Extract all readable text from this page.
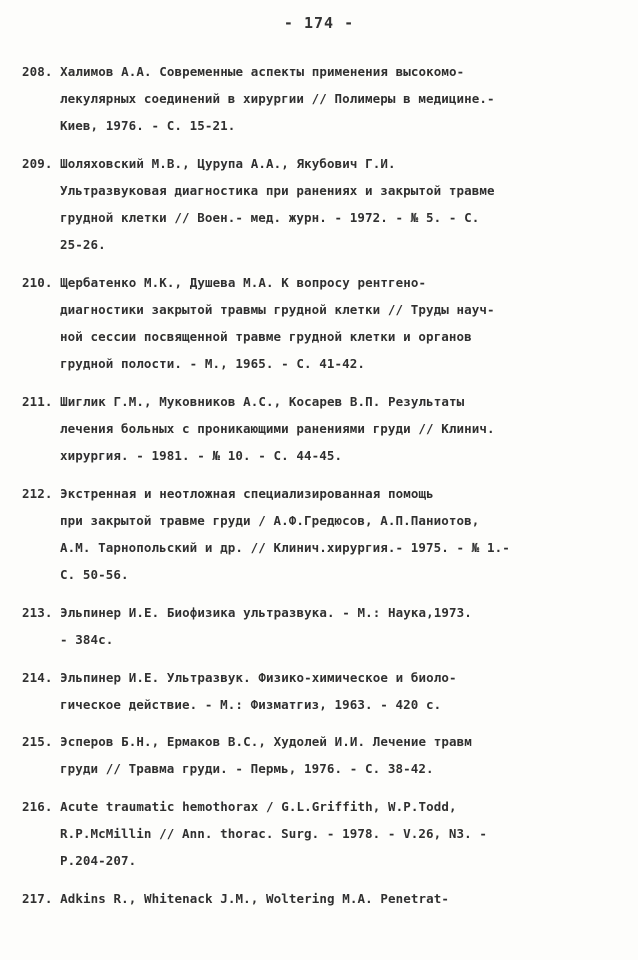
- 174 -
208. Халимов А.А. Современные аспекты применения высокомо-
лекулярных соединений в хирургии // Полимеры в медицине.-
Киев, 1976. - С. 15-21.
209. Шоляховский М.В., Цурупа А.А., Якубович Г.И.
Ультразвуковая диагностика при ранениях и закрытой травме
грудной клетки // Воен.- мед. журн. - 1972. - № 5. - С.
25-26.
210. Щербатенко М.К., Душева М.А. К вопросу рентгено-
диагностики закрытой травмы грудной клетки // Труды науч-
ной сессии посвященной травме грудной клетки и органов
грудной полости. - М., 1965. - С. 41-42.
211. Шиглик Г.М., Муковников А.С., Косарев В.П. Результаты
лечения больных с проникающими ранениями груди // Клинич.
хирургия. - 1981. - № 10. - С. 44-45.
212. Экстренная и неотложная специализированная помощь
при закрытой травме груди / А.Ф.Гредюсов, А.П.Паниотов,
А.М. Тарнопольский и др. // Клинич.хирургия.- 1975. - № 1.-
С. 50-56.
213. Эльпинер И.Е. Биофизика ультразвука. - М.: Наука,1973.
- 384с.
214. Эльпинер И.Е. Ультразвук. Физико-химическое и биоло-
гическое действие. - М.: Физматгиз, 1963. - 420 с.
215. Эсперов Б.Н., Ермаков В.С., Худолей И.И. Лечение травм
груди // Травма груди. - Пермь, 1976. - С. 38-42.
216. Acute traumatic hemothorax / G.L.Griffith, W.P.Todd,
R.P.McMillin // Ann. thorac. Surg. - 1978. - V.26, N3. -
P.204-207.
217. Adkins R., Whitenack J.M., Woltering M.A. Penetrat-
